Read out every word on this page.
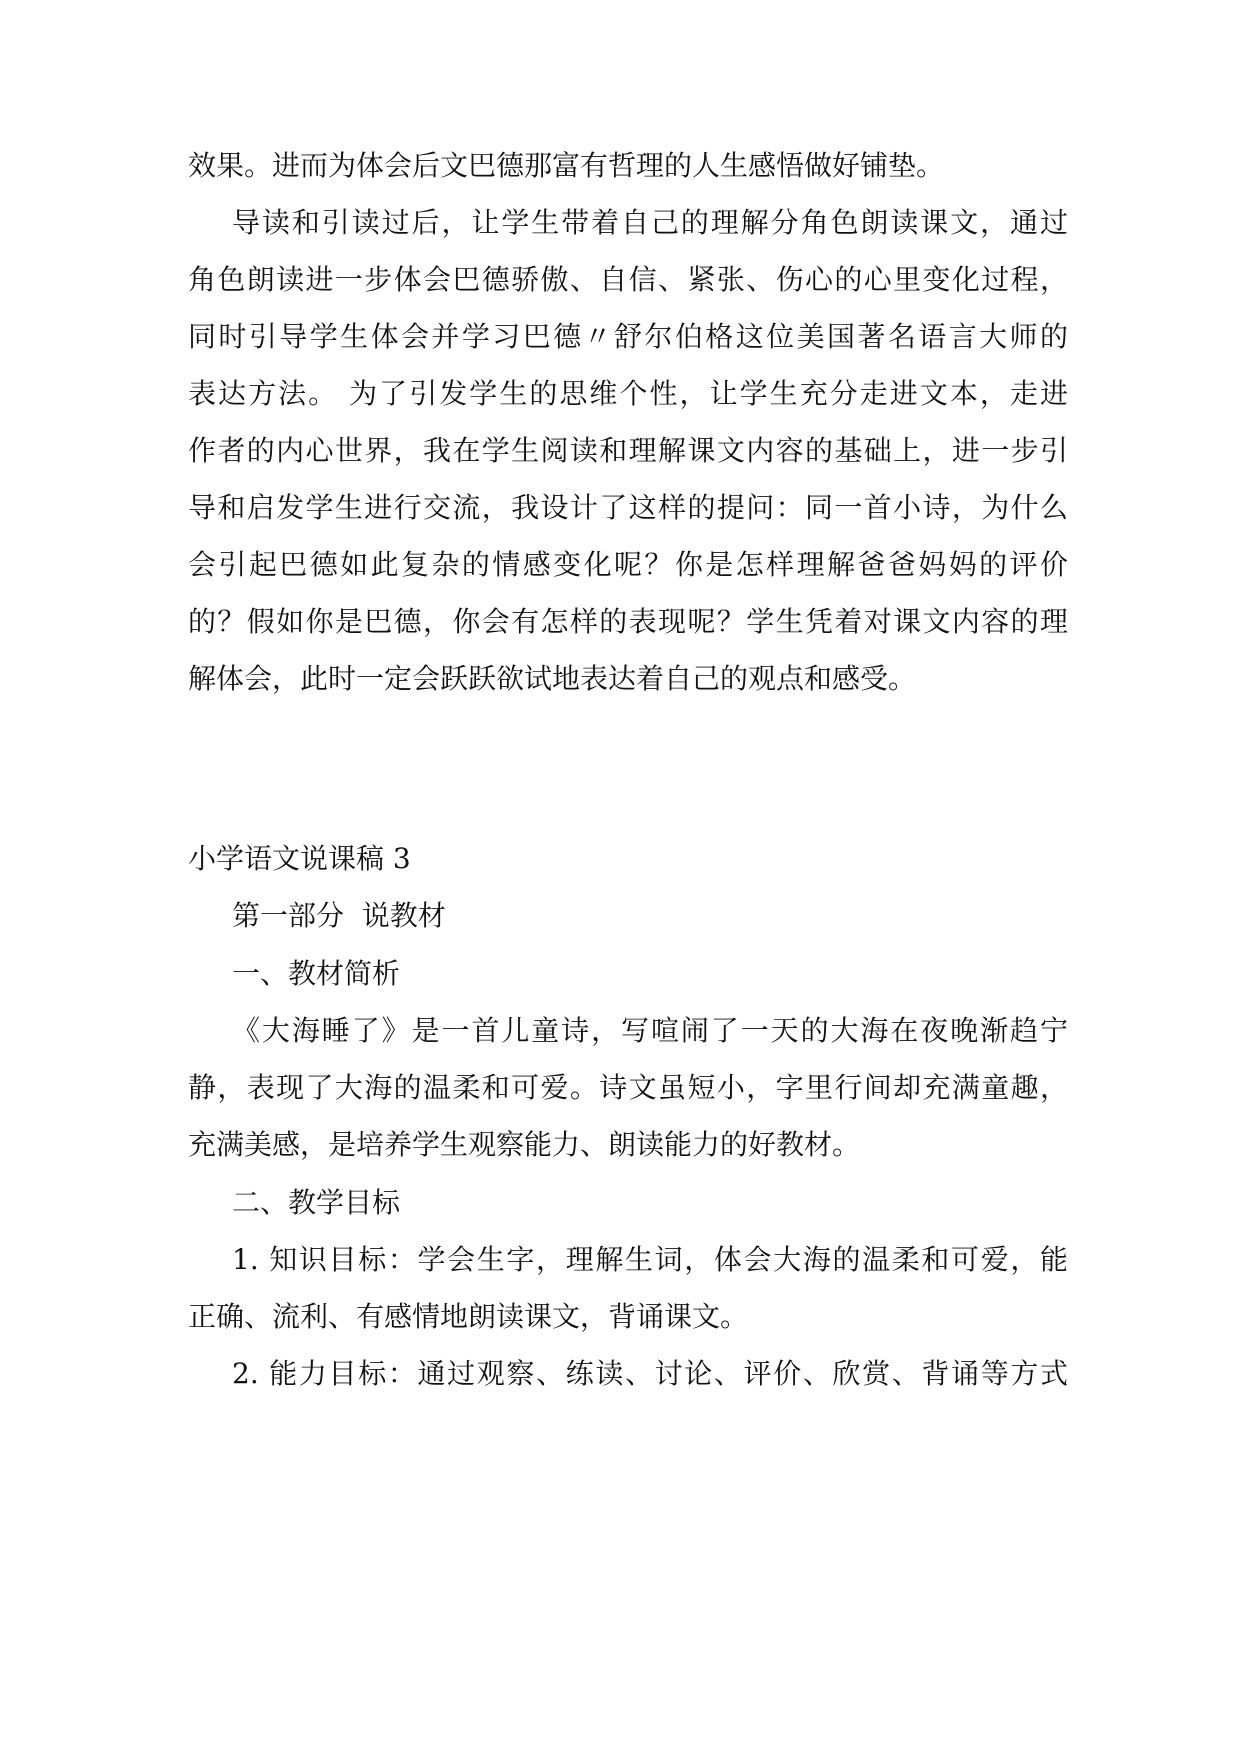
效果。进而为体会后文巴德那富有哲理的人生感悟做好铺垫。
导读和引读过后，让学生带着自己的理解分角色朗读课文，通过
角色朗读进一步体会巴德骄傲、自信、紧张、伤心的心里变化过程，
同时引导学生体会并学习巴德〃舒尔伯格这位美国著名语言大师的
表达方法。 为了引发学生的思维个性，让学生充分走进文本，走进
作者的内心世界，我在学生阅读和理解课文内容的基础上，进一步引
导和启发学生进行交流，我设计了这样的提问：同一首小诗，为什么
会引起巴德如此复杂的情感变化呢？你是怎样理解爸爸妈妈的评价
的？假如你是巴德，你会有怎样的表现呢？学生凭着对课文内容的理
解体会，此时一定会跃跃欲试地表达着自己的观点和感受。
小学语文说课稿 3
第一部分  说教材
一、教材简析
《大海睡了》是一首儿童诗，写喧闹了一天的大海在夜晚渐趋宁
静，表现了大海的温柔和可爱。诗文虽短小，字里行间却充满童趣，
充满美感，是培养学生观察能力、朗读能力的好教材。
二、教学目标
1. 知识目标：学会生字，理解生词，体会大海的温柔和可爱，能
正确、流利、有感情地朗读课文，背诵课文。
2. 能力目标：通过观察、练读、讨论、评价、欣赏、背诵等方式
